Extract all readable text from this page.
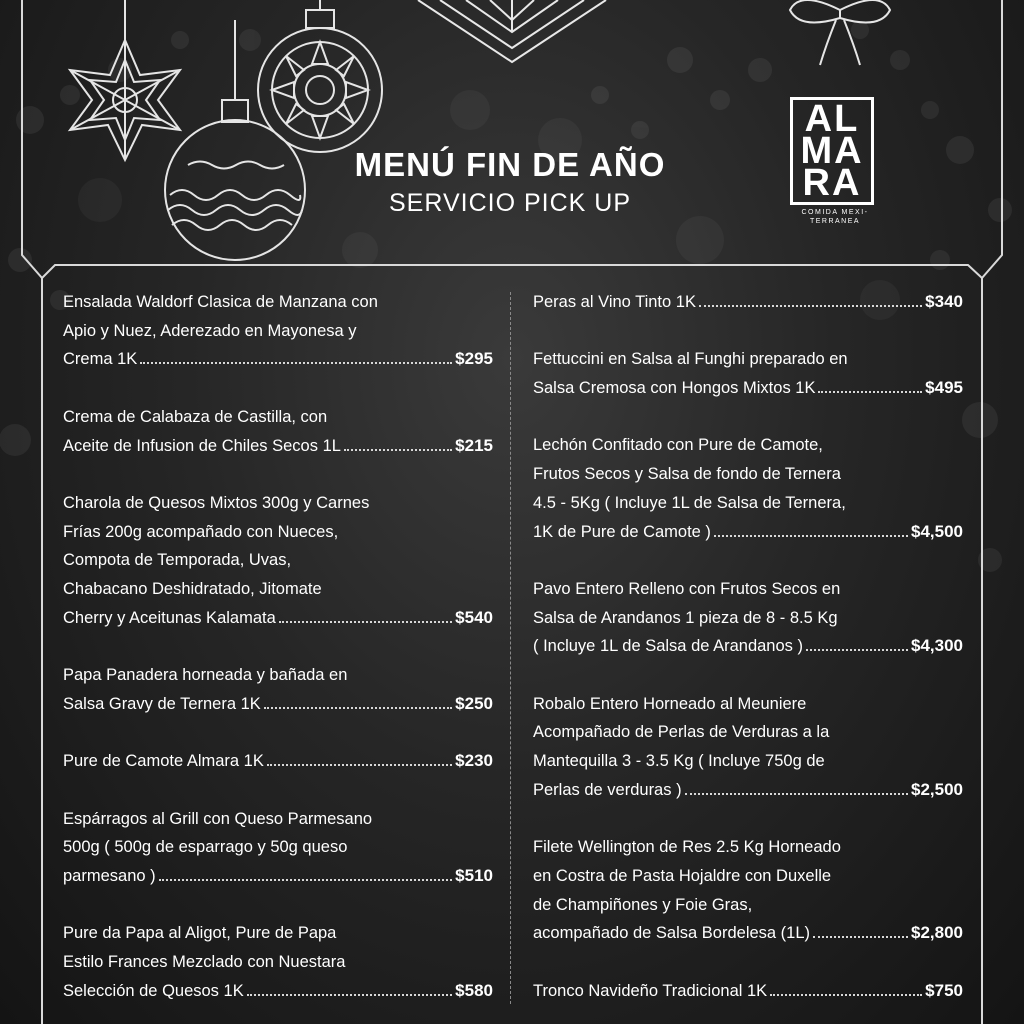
MENÚ FIN DE AÑO
SERVICIO PICK UP
AL
MA
RA
COMIDA MEXI-TERRANEA
Ensalada Waldorf Clasica de Manzana con
Apio y Nuez, Aderezado en Mayonesa y
Crema 1K	$295
Crema de Calabaza de Castilla, con
Aceite de Infusion de Chiles Secos 1L	$215
Charola de Quesos Mixtos 300g y Carnes
Frías 200g acompañado con Nueces,
Compota de Temporada, Uvas,
Chabacano Deshidratado, Jitomate
Cherry y Aceitunas Kalamata	$540
Papa Panadera horneada y bañada en
Salsa Gravy de Ternera 1K	$250
Pure de Camote Almara 1K	$230
Espárragos al Grill con Queso Parmesano
500g ( 500g de esparrago y 50g queso
parmesano )	$510
Pure da Papa al Aligot, Pure de Papa
Estilo Frances Mezclado con Nuestara
Selección de Quesos 1K	$580
Peras al Vino Tinto 1K	$340
Fettuccini en Salsa al Funghi preparado en
Salsa Cremosa con Hongos Mixtos 1K	$495
Lechón Confitado con Pure de Camote,
Frutos Secos y Salsa de fondo de Ternera
4.5 - 5Kg ( Incluye 1L de Salsa de Ternera,
1K de Pure de Camote )	$4,500
Pavo Entero Relleno con Frutos Secos en
Salsa de Arandanos 1 pieza de 8 - 8.5 Kg
( Incluye 1L de Salsa de Arandanos )	$4,300
Robalo Entero Horneado al Meuniere
Acompañado de Perlas de Verduras a la
Mantequilla 3 - 3.5 Kg ( Incluye 750g de
Perlas de verduras )	$2,500
Filete Wellington de Res 2.5 Kg Horneado
en Costra de Pasta Hojaldre con Duxelle
de Champiñones y Foie Gras,
acompañado de Salsa Bordelesa (1L)	$2,800
Tronco Navideño Tradicional 1K	$750
